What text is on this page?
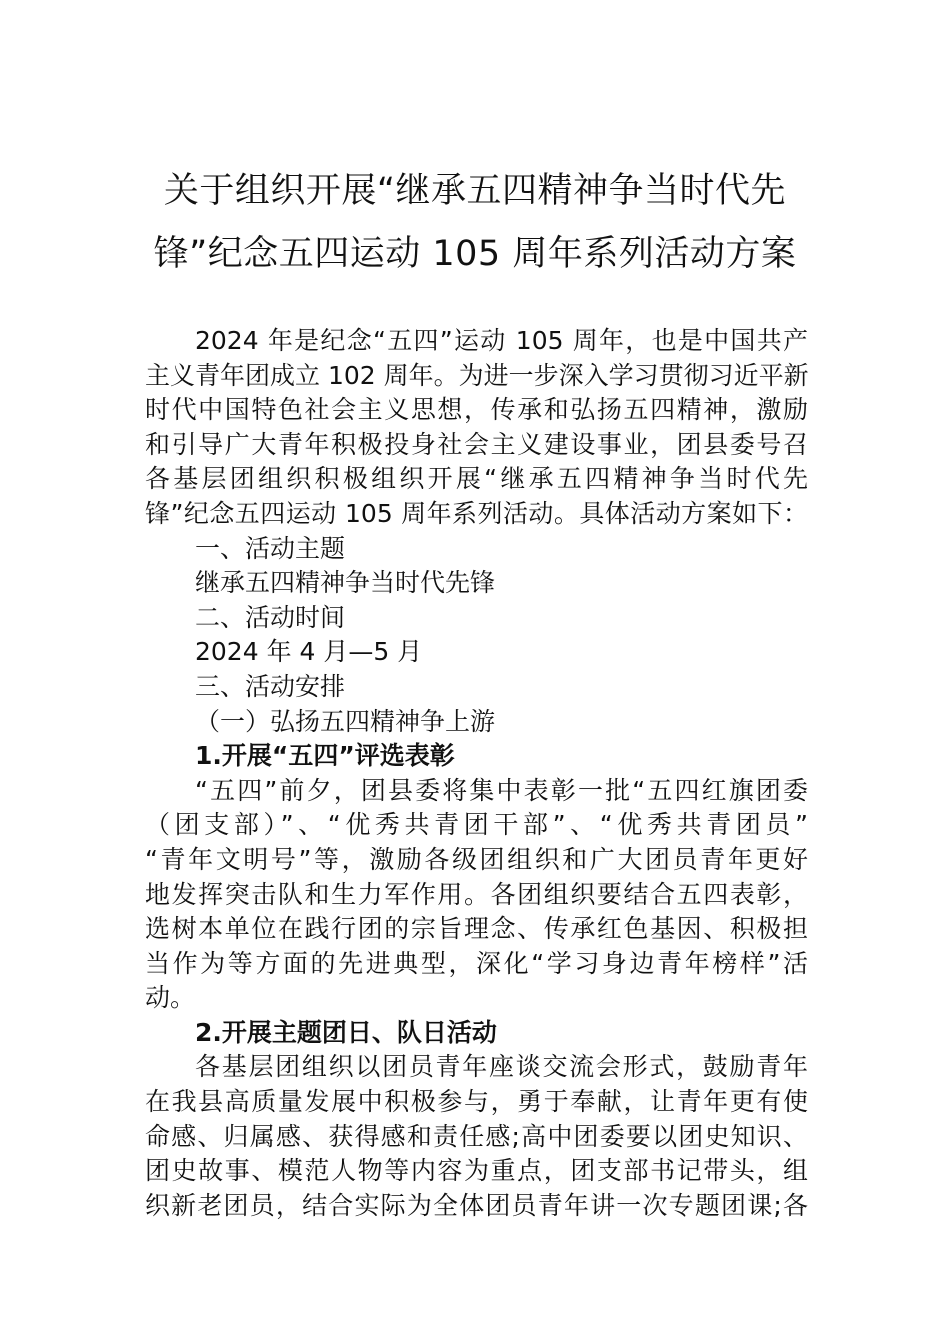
关于组织开展“继承五四精神争当时代先
锋”纪念五四运动 105 周年系列活动方案
2024 年是纪念“五四”运动 105 周年，也是中国共产
主义青年团成立 102 周年。为进一步深入学习贯彻习近平新
时代中国特色社会主义思想，传承和弘扬五四精神，激励
和引导广大青年积极投身社会主义建设事业，团县委号召
各基层团组织积极组织开展“继承五四精神争当时代先
锋”纪念五四运动 105 周年系列活动。具体活动方案如下：
一、活动主题
继承五四精神争当时代先锋
二、活动时间
2024 年 4 月—5 月
三、活动安排
（一）弘扬五四精神争上游
1.开展“五四”评选表彰
“五四”前夕，团县委将集中表彰一批“五四红旗团委
（团支部）”、“优秀共青团干部”、“优秀共青团员”
“青年文明号”等，激励各级团组织和广大团员青年更好
地发挥突击队和生力军作用。各团组织要结合五四表彰，
选树本单位在践行团的宗旨理念、传承红色基因、积极担
当作为等方面的先进典型，深化“学习身边青年榜样”活
动。
2.开展主题团日、队日活动
各基层团组织以团员青年座谈交流会形式，鼓励青年
在我县高质量发展中积极参与，勇于奉献，让青年更有使
命感、归属感、获得感和责任感;高中团委要以团史知识、
团史故事、模范人物等内容为重点，团支部书记带头，组
织新老团员，结合实际为全体团员青年讲一次专题团课;各
